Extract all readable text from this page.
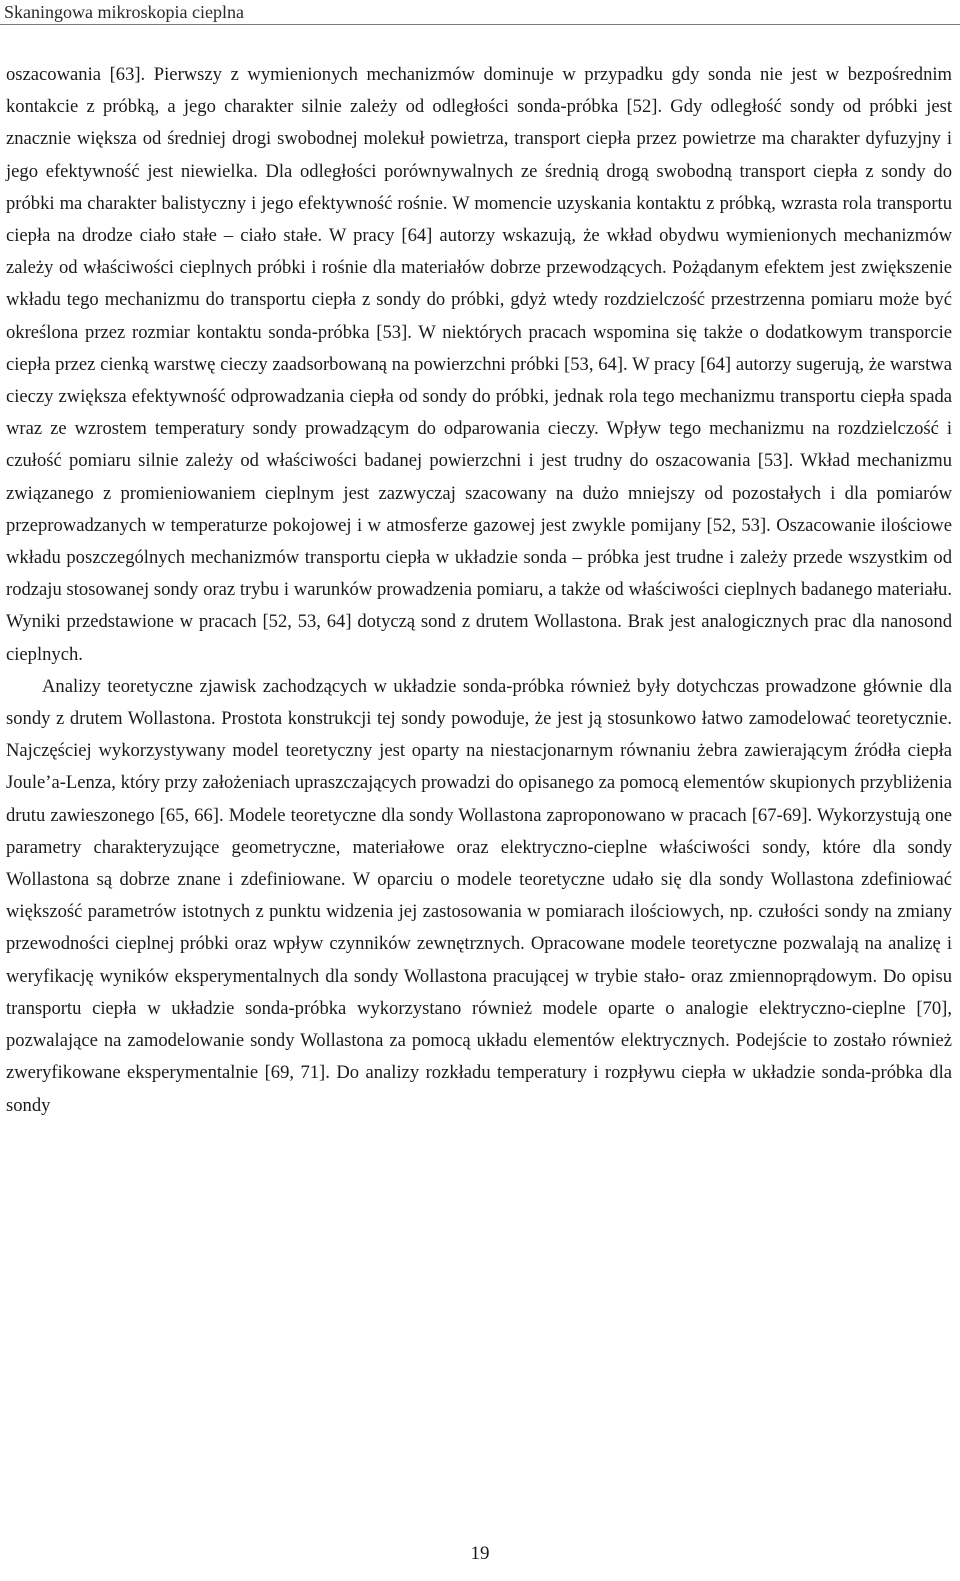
Skaningowa mikroskopia cieplna

oszacowania [63]. Pierwszy z wymienionych mechanizmów dominuje w przypadku gdy sonda nie jest w bezpośrednim kontakcie z próbką, a jego charakter silnie zależy od odległości sonda-próbka [52]. Gdy odległość sondy od próbki jest znacznie większa od średniej drogi swobodnej molekuł powietrza, transport ciepła przez powietrze ma charakter dyfuzyjny i jego efektywność jest niewielka. Dla odległości porównywalnych ze średnią drogą swobodną transport ciepła z sondy do próbki ma charakter balistyczny i jego efektywność rośnie. W momencie uzyskania kontaktu z próbką, wzrasta rola transportu ciepła na drodze ciało stałe – ciało stałe. W pracy [64] autorzy wskazują, że wkład obydwu wymienionych mechanizmów zależy od właściwości cieplnych próbki i rośnie dla materiałów dobrze przewodzących. Pożądanym efektem jest zwiększenie wkładu tego mechanizmu do transportu ciepła z sondy do próbki, gdyż wtedy rozdzielczość przestrzenna pomiaru może być określona przez rozmiar kontaktu sonda-próbka [53]. W niektórych pracach wspomina się także o dodatkowym transporcie ciepła przez cienką warstwę cieczy zaadsorbowaną na powierzchni próbki [53, 64]. W pracy [64] autorzy sugerują, że warstwa cieczy zwiększa efektywność odprowadzania ciepła od sondy do próbki, jednak rola tego mechanizmu transportu ciepła spada wraz ze wzrostem temperatury sondy prowadzącym do odparowania cieczy. Wpływ tego mechanizmu na rozdzielczość i czułość pomiaru silnie zależy od właściwości badanej powierzchni i jest trudny do oszacowania [53]. Wkład mechanizmu związanego z promieniowaniem cieplnym jest zazwyczaj szacowany na dużo mniejszy od pozostałych i dla pomiarów przeprowadzanych w temperaturze pokojowej i w atmosferze gazowej jest zwykle pomijany [52, 53]. Oszacowanie ilościowe wkładu poszczególnych mechanizmów transportu ciepła w układzie sonda – próbka jest trudne i zależy przede wszystkim od rodzaju stosowanej sondy oraz trybu i warunków prowadzenia pomiaru, a także od właściwości cieplnych badanego materiału. Wyniki przedstawione w pracach [52, 53, 64] dotyczą sond z drutem Wollastona. Brak jest analogicznych prac dla nanosond cieplnych.

Analizy teoretyczne zjawisk zachodzących w układzie sonda-próbka również były dotychczas prowadzone głównie dla sondy z drutem Wollastona. Prostota konstrukcji tej sondy powoduje, że jest ją stosunkowo łatwo zamodelować teoretycznie. Najczęściej wykorzystywany model teoretyczny jest oparty na niestacjonarnym równaniu żebra zawierającym źródła ciepła Joule’a-Lenza, który przy założeniach upraszczających prowadzi do opisanego za pomocą elementów skupionych przybliżenia drutu zawieszonego [65, 66]. Modele teoretyczne dla sondy Wollastona zaproponowano w pracach [67-69]. Wykorzystują one parametry charakteryzujące geometryczne, materiałowe oraz elektryczno-cieplne właściwości sondy, które dla sondy Wollastona są dobrze znane i zdefiniowane. W oparciu o modele teoretyczne udało się dla sondy Wollastona zdefiniować większość parametrów istotnych z punktu widzenia jej zastosowania w pomiarach ilościowych, np. czułości sondy na zmiany przewodności cieplnej próbki oraz wpływ czynników zewnętrznych. Opracowane modele teoretyczne pozwalają na analizę i weryfikację wyników eksperymentalnych dla sondy Wollastona pracującej w trybie stało- oraz zmiennoprądowym. Do opisu transportu ciepła w układzie sonda-próbka wykorzystano również modele oparte o analogie elektryczno-cieplne [70], pozwalające na zamodelowanie sondy Wollastona za pomocą układu elementów elektrycznych. Podejście to zostało również zweryfikowane eksperymentalnie [69, 71]. Do analizy rozkładu temperatury i rozpływu ciepła w układzie sonda-próbka dla sondy

19
